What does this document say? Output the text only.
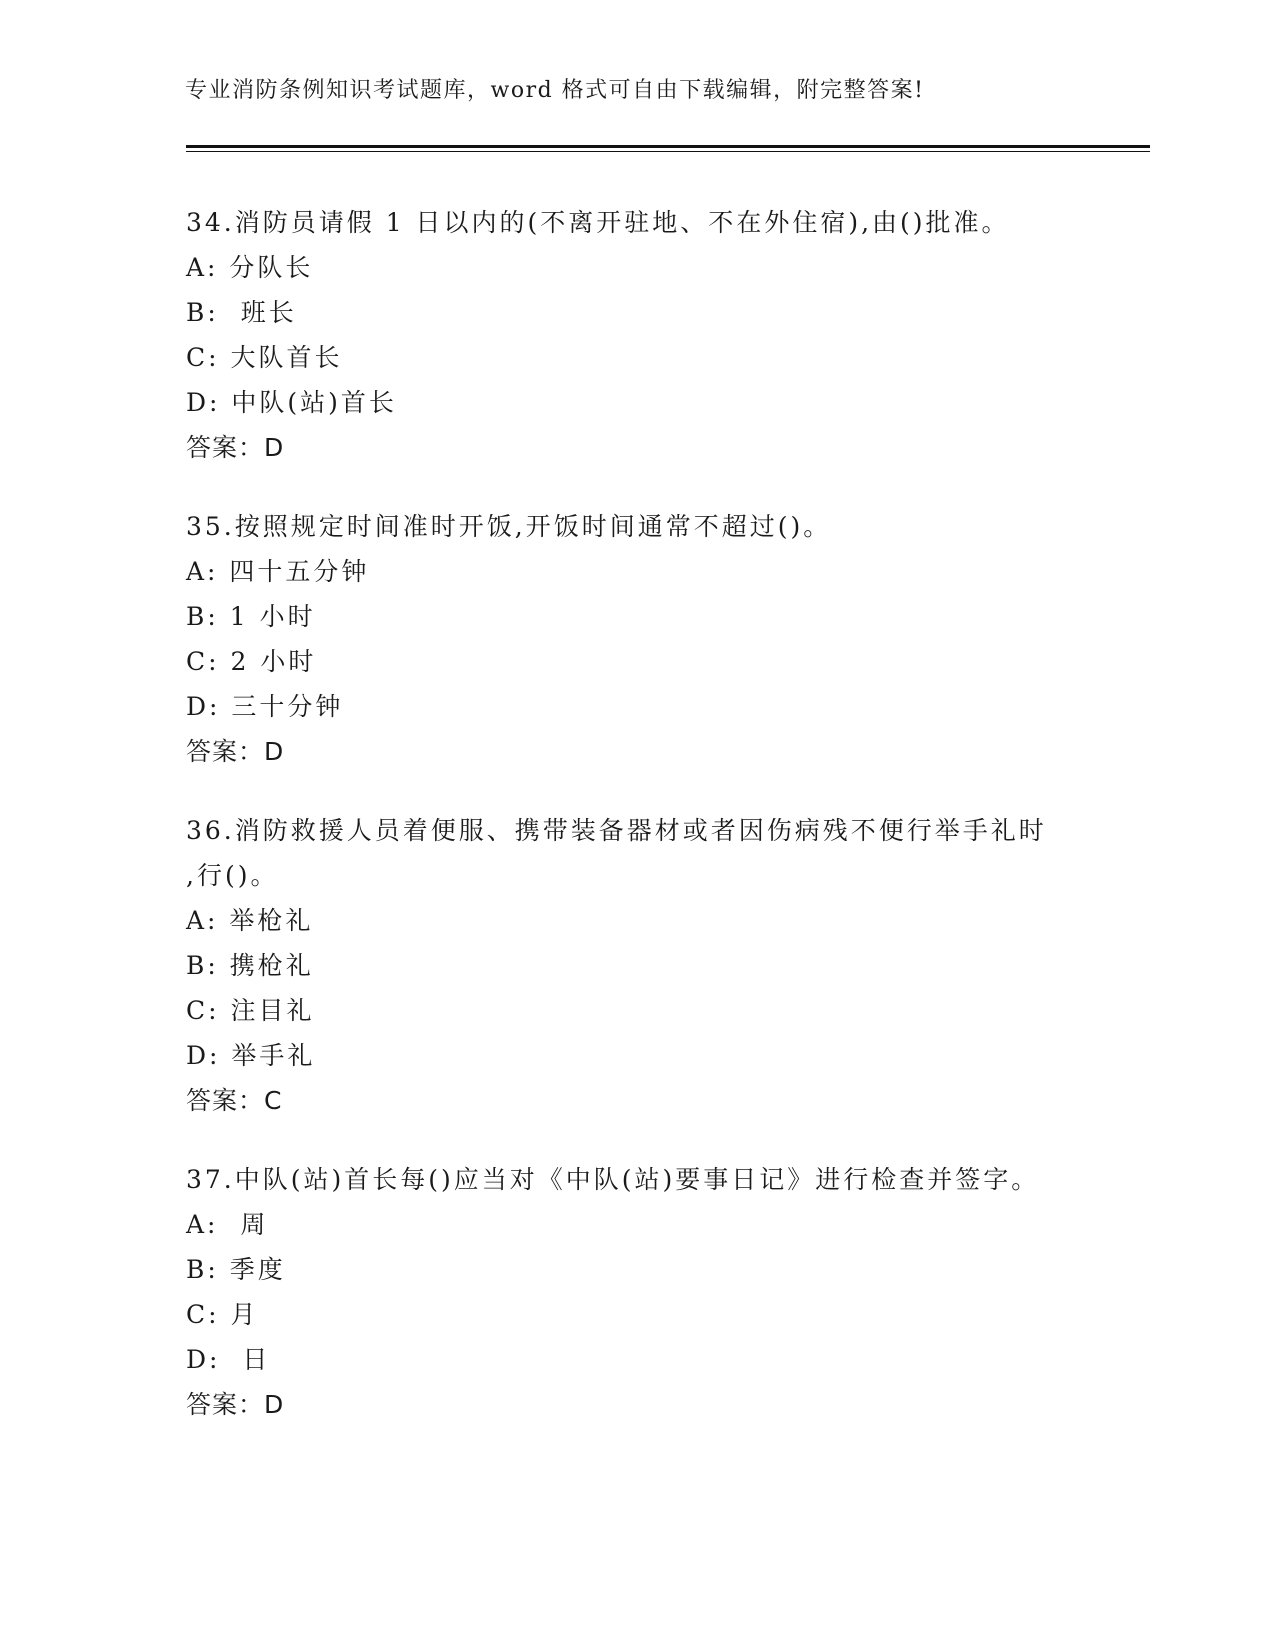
专业消防条例知识考试题库，word 格式可自由下载编辑，附完整答案!
34.消防员请假 1 日以内的(不离开驻地、不在外住宿),由()批准。
A: 分队长
B:  班长
C: 大队首长
D: 中队(站)首长
答案：D
35.按照规定时间准时开饭,开饭时间通常不超过()。
A: 四十五分钟
B: 1 小时
C: 2 小时
D: 三十分钟
答案：D
36.消防救援人员着便服、携带装备器材或者因伤病残不便行举手礼时
,行()。
A: 举枪礼
B: 携枪礼
C: 注目礼
D: 举手礼
答案：C
37.中队(站)首长每()应当对《中队(站)要事日记》进行检查并签字。
A:  周
B: 季度
C: 月
D:  日
答案：D
